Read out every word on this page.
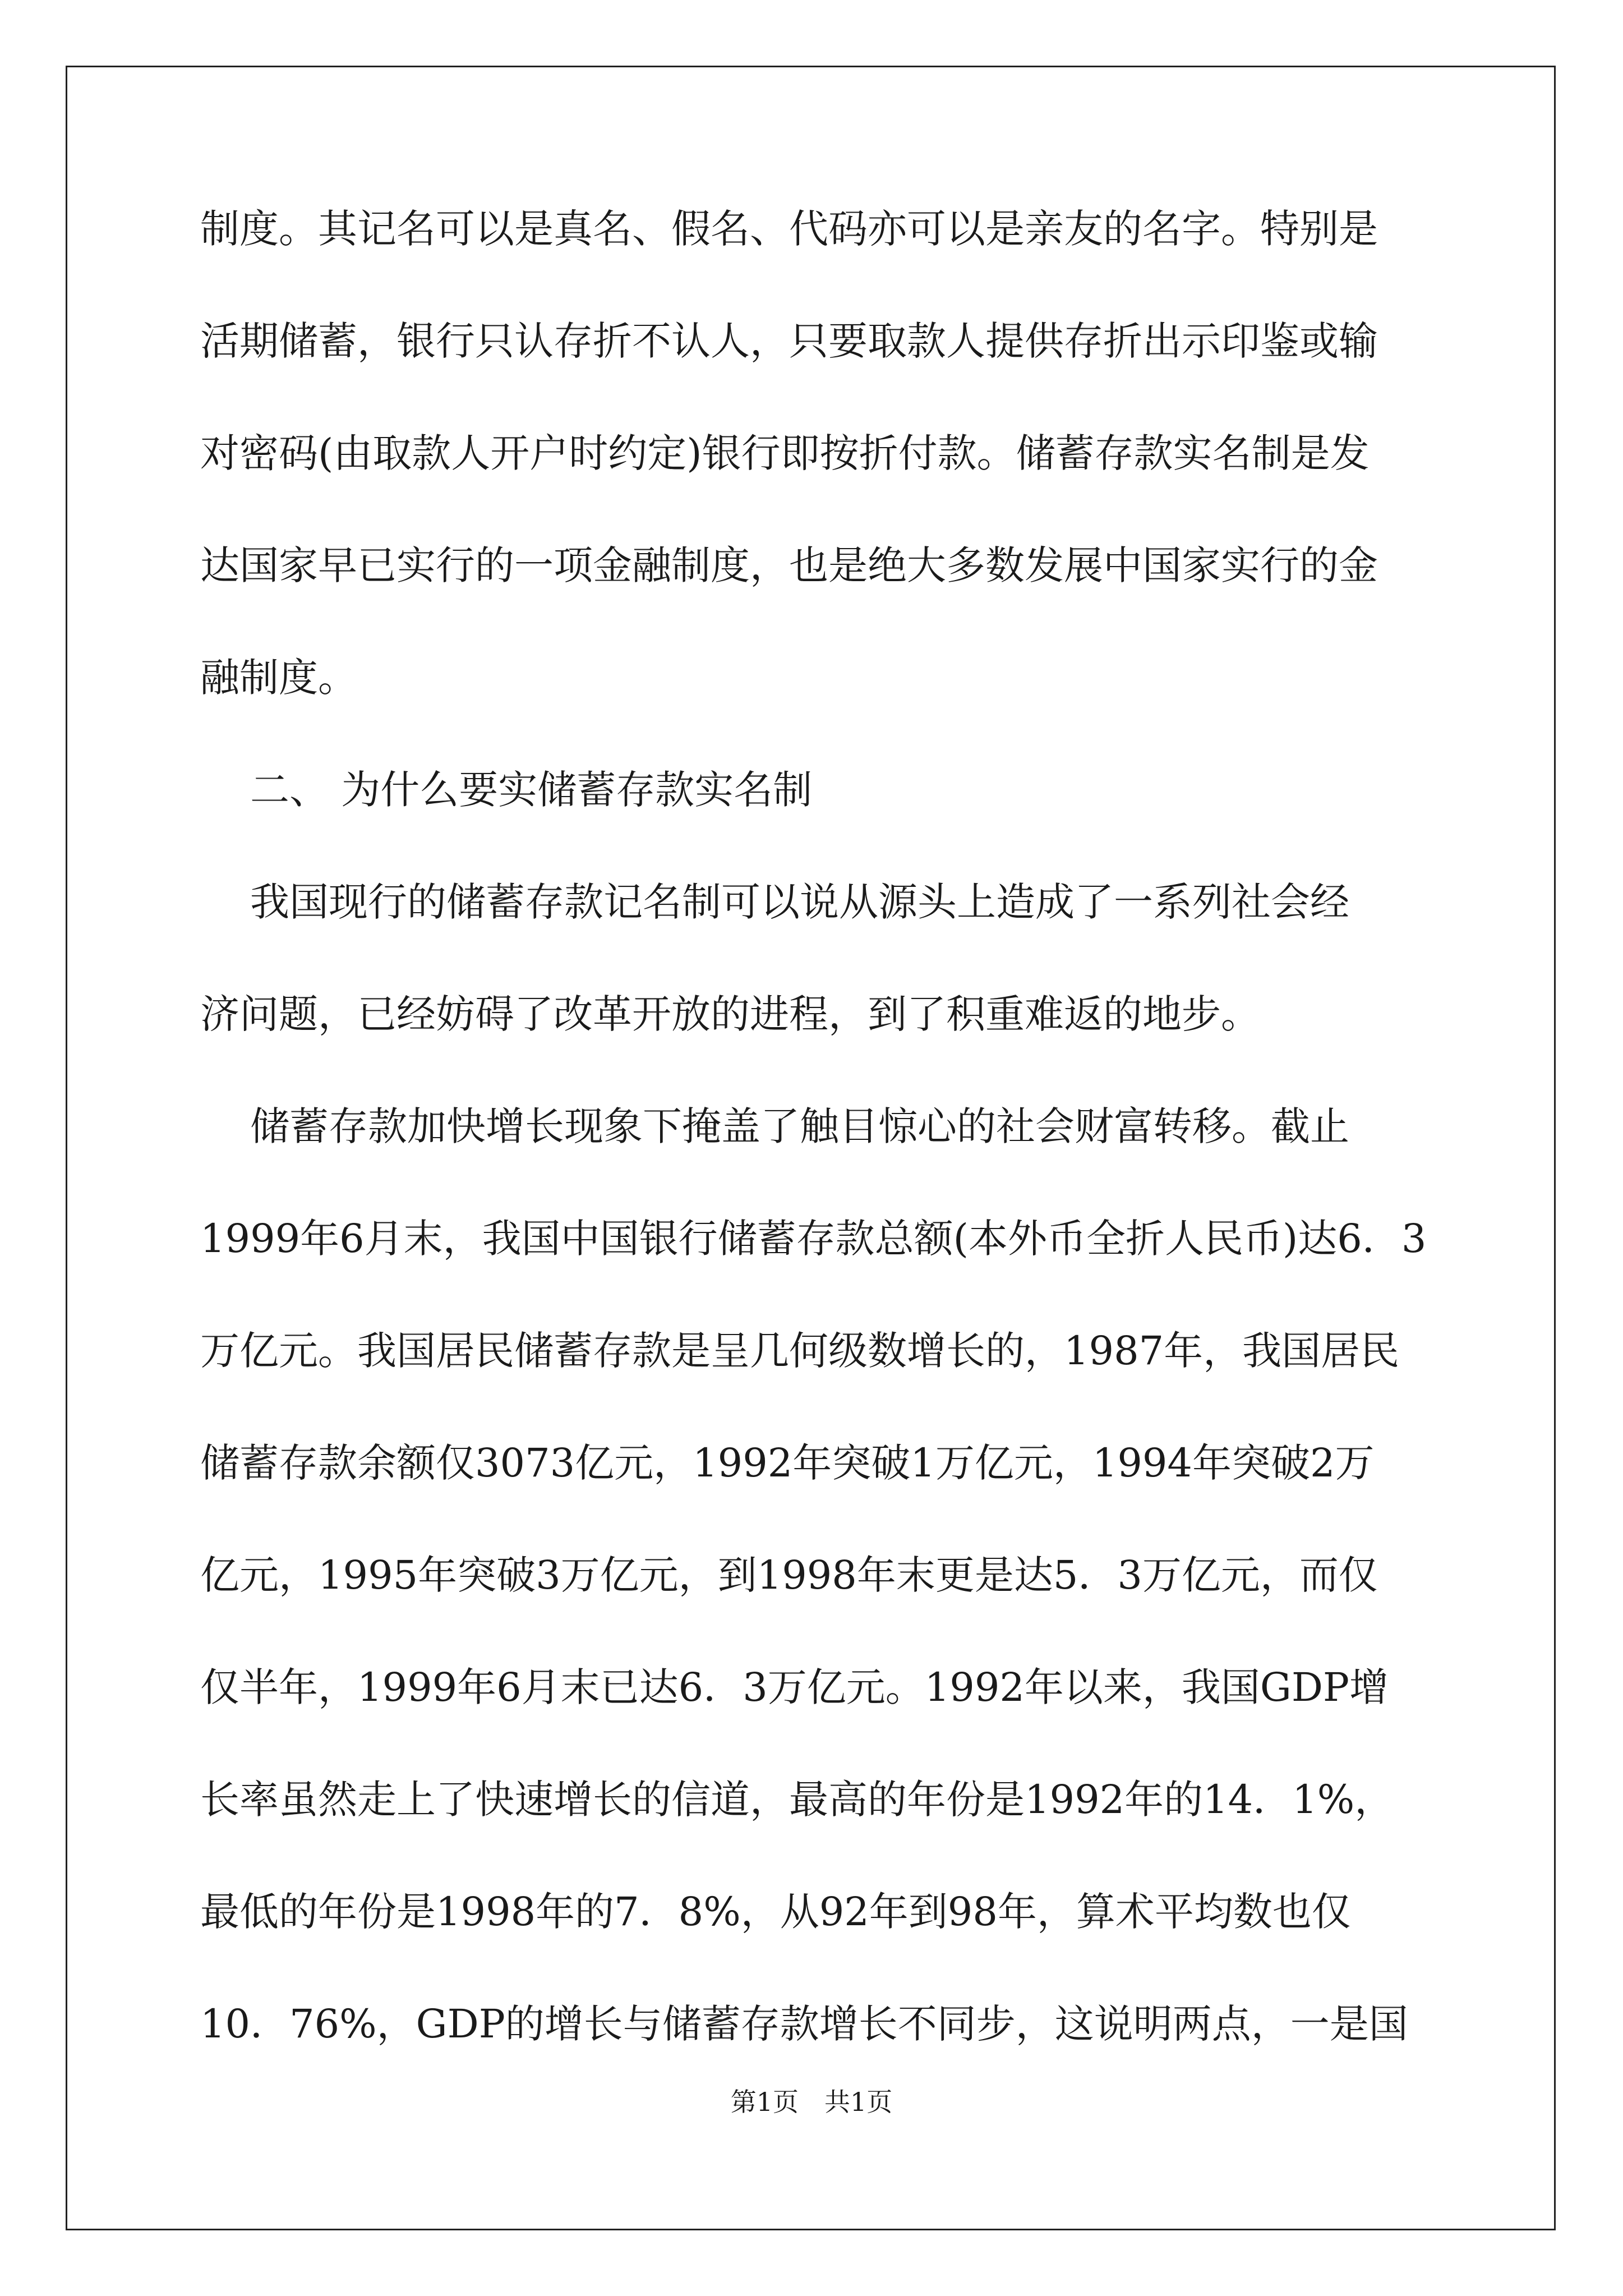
制度。其记名可以是真名、假名、代码亦可以是亲友的名字。特别是
活期储蓄，银行只认存折不认人，只要取款人提供存折出示印鉴或输
对密码(由取款人开户时约定)银行即按折付款。储蓄存款实名制是发
达国家早已实行的一项金融制度，也是绝大多数发展中国家实行的金
融制度。
二、 为什么要实储蓄存款实名制
我国现行的储蓄存款记名制可以说从源头上造成了一系列社会经
济问题，已经妨碍了改革开放的进程，到了积重难返的地步。
储蓄存款加快增长现象下掩盖了触目惊心的社会财富转移。截止
1999年6月末，我国中国银行储蓄存款总额(本外币全折人民币)达6．3
万亿元。我国居民储蓄存款是呈几何级数增长的，1987年，我国居民
储蓄存款余额仅3073亿元，1992年突破1万亿元，1994年突破2万
亿元，1995年突破3万亿元，到1998年末更是达5．3万亿元，而仅
仅半年，1999年6月末已达6．3万亿元。1992年以来，我国GDP增
长率虽然走上了快速增长的信道，最高的年份是1992年的14．1%，
最低的年份是1998年的7．8%，从92年到98年，算术平均数也仅
10．76%，GDP的增长与储蓄存款增长不同步，这说明两点，一是国
第1页　共1页
